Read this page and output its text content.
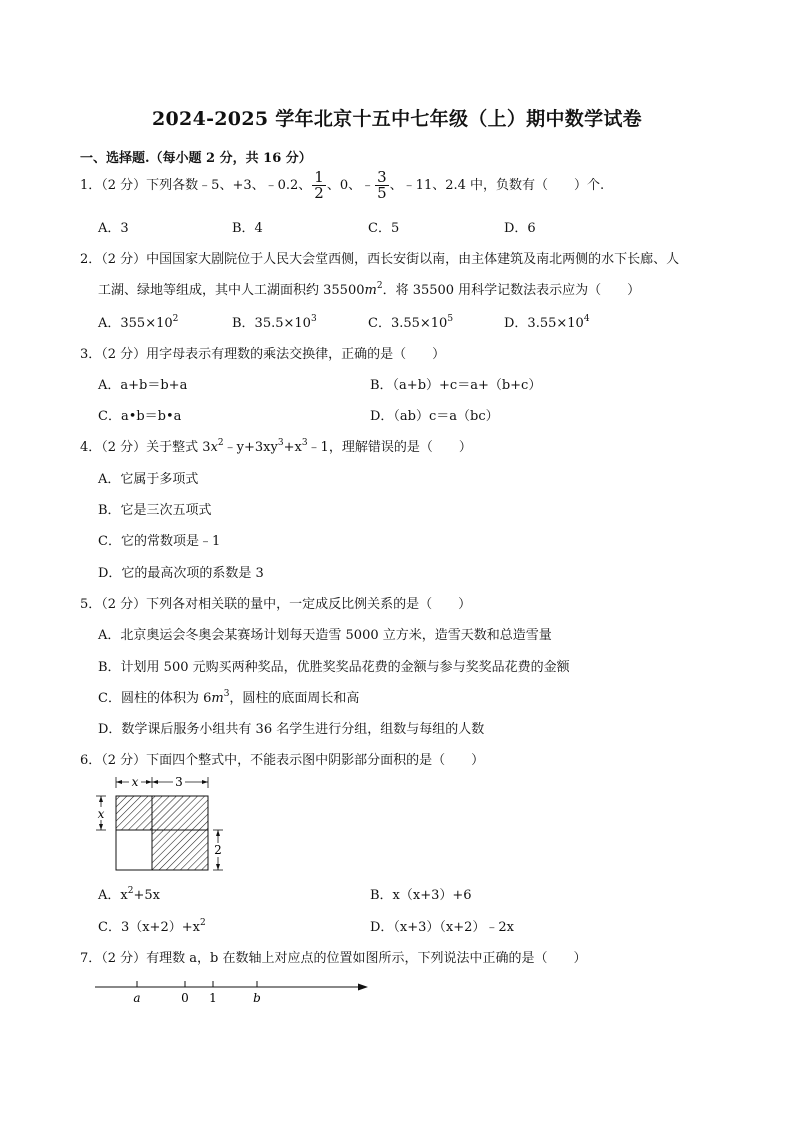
2024-2025 学年北京十五中七年级（上）期中数学试卷
一、选择题.（每小题 2 分，共 16 分）
1．（2 分）下列各数﹣5、+3、﹣0.2、 $\frac{1}{2}$ 、0、﹣ $\frac{3}{5}$ 、﹣11、2.4 中，负数有（　　）个.
A．3	B．4	C．5	D．6
2．（2 分）中国国家大剧院位于人民大会堂西侧，西长安街以南，由主体建筑及南北两侧的水下长廊、人
工湖、绿地等组成，其中人工湖面积约 $35500m^2$．将 35500 用科学记数法表示应为（　　）
A．$355\times 10^2$	B．$35.5\times 10^3$	C．$3.55\times 10^5$	D．$3.55\times 10^4$
3．（2 分）用字母表示有理数的乘法交换律，正确的是（　　）
A．a+b＝b+a	B．（a+b）+c＝a+（b+c）
C．a•b＝b•a	D．（ab）c＝a（bc）
4．（2 分）关于整式 $3x^2﹣y+3xy^3+x^3﹣1$，理解错误的是（　　）
A．它属于多项式
B．它是三次五项式
C．它的常数项是﹣1
D．它的最高次项的系数是 3
5．（2 分）下列各对相关联的量中，一定成反比例关系的是（　　）
A．北京奥运会冬奥会某赛场计划每天造雪 5000 立方米，造雪天数和总造雪量
B．计划用 500 元购买两种奖品，优胜奖奖品花费的金额与参与奖奖品花费的金额
C．圆柱的体积为 $6m^3$，圆柱的底面周长和高
D．数学课后服务小组共有 36 名学生进行分组，组数与每组的人数
6．（2 分）下面四个整式中，不能表示图中阴影部分面积的是（　　）
x	3
x
2
A．$x^2+5x$	B．x（x+3）+6
C．$3(x+2)+x^2$	D．（x+3）（x+2）﹣2x
7．（2 分）有理数 a，b 在数轴上对应点的位置如图所示，下列说法中正确的是（　　）
a	0 1	b
